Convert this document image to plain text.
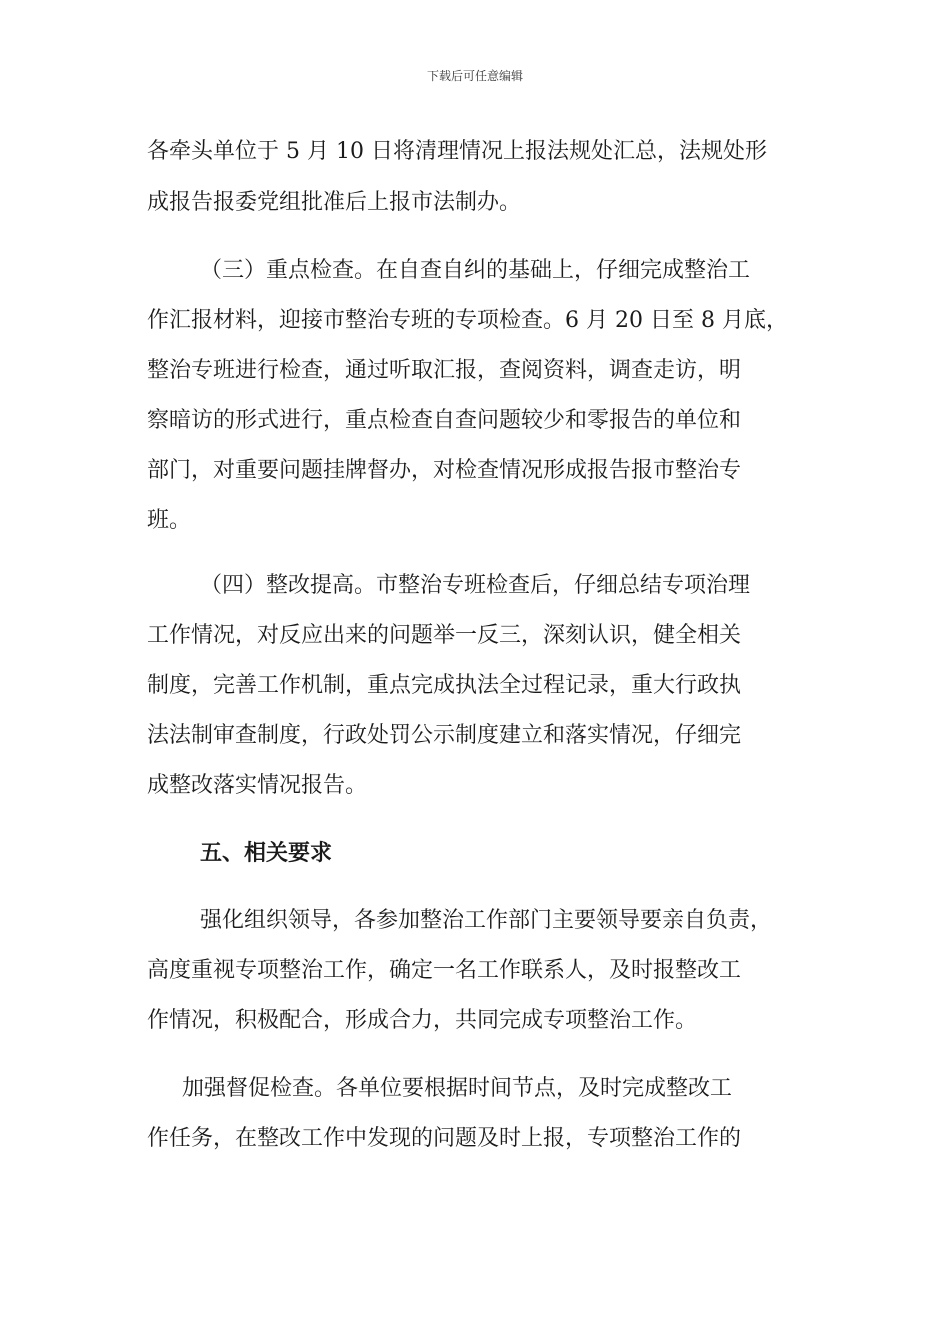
下载后可任意编辑
各牵头单位于 5 月 10 日将清理情况上报法规处汇总，法规处形
成报告报委党组批准后上报市法制办。
（三）重点检查。在自查自纠的基础上，仔细完成整治工
作汇报材料，迎接市整治专班的专项检查。6 月 20 日至 8 月底，
整治专班进行检查，通过听取汇报，查阅资料，调查走访，明
察暗访的形式进行，重点检查自查问题较少和零报告的单位和
部门，对重要问题挂牌督办，对检查情况形成报告报市整治专
班。
（四）整改提高。市整治专班检查后，仔细总结专项治理
工作情况，对反应出来的问题举一反三，深刻认识，健全相关
制度，完善工作机制，重点完成执法全过程记录，重大行政执
法法制审查制度，行政处罚公示制度建立和落实情况，仔细完
成整改落实情况报告。
五、相关要求
强化组织领导，各参加整治工作部门主要领导要亲自负责，
高度重视专项整治工作，确定一名工作联系人，及时报整改工
作情况，积极配合，形成合力，共同完成专项整治工作。
加强督促检查。各单位要根据时间节点，及时完成整改工
作任务，在整改工作中发现的问题及时上报，专项整治工作的
